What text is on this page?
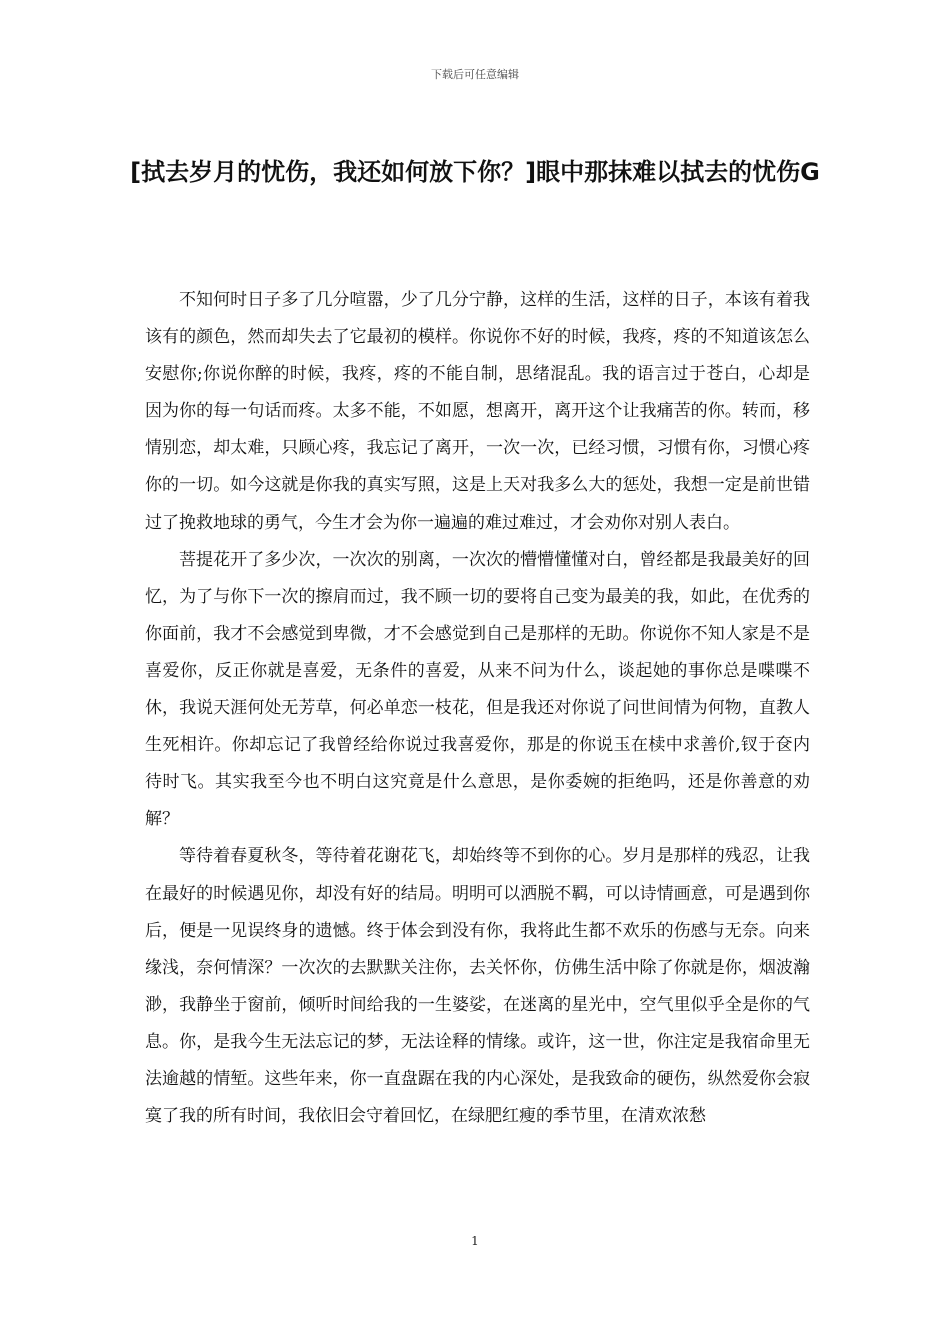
下载后可任意编辑
[拭去岁月的忧伤，我还如何放下你？]眼中那抹难以拭去的忧伤G

不知何时日子多了几分喧嚣，少了几分宁静，这样的生活，这样的日子，本该有着我该有的颜色，然而却失去了它最初的模样。你说你不好的时候，我疼，疼的不知道该怎么安慰你;你说你醉的时候，我疼，疼的不能自制，思绪混乱。我的语言过于苍白，心却是因为你的每一句话而疼。太多不能，不如愿，想离开，离开这个让我痛苦的你。转而，移情别恋，却太难，只顾心疼，我忘记了离开，一次一次，已经习惯，习惯有你，习惯心疼你的一切。如今这就是你我的真实写照，这是上天对我多么大的惩处，我想一定是前世错过了挽救地球的勇气，今生才会为你一遍遍的难过难过，才会劝你对别人表白。

菩提花开了多少次，一次次的别离，一次次的懵懵懂懂对白，曾经都是我最美好的回忆，为了与你下一次的擦肩而过，我不顾一切的要将自己变为最美的我，如此，在优秀的你面前，我才不会感觉到卑微，才不会感觉到自己是那样的无助。你说你不知人家是不是喜爱你，反正你就是喜爱，无条件的喜爱，从来不问为什么，谈起她的事你总是喋喋不休，我说天涯何处无芳草，何必单恋一枝花，但是我还对你说了问世间情为何物，直教人生死相许。你却忘记了我曾经给你说过我喜爱你，那是的你说玉在椟中求善价,钗于奁内待时飞。其实我至今也不明白这究竟是什么意思，是你委婉的拒绝吗，还是你善意的劝解？

等待着春夏秋冬，等待着花谢花飞，却始终等不到你的心。岁月是那样的残忍，让我在最好的时候遇见你，却没有好的结局。明明可以洒脱不羁，可以诗情画意，可是遇到你后，便是一见误终身的遗憾。终于体会到没有你，我将此生都不欢乐的伤感与无奈。向来缘浅，奈何情深？一次次的去默默关注你，去关怀你，仿佛生活中除了你就是你，烟波瀚渺，我静坐于窗前，倾听时间给我的一生婆娑，在迷离的星光中，空气里似乎全是你的气息。你，是我今生无法忘记的梦，无法诠释的情缘。或许，这一世，你注定是我宿命里无法逾越的情堑。这些年来，你一直盘踞在我的内心深处，是我致命的硬伤，纵然爱你会寂寞了我的所有时间，我依旧会守着回忆，在绿肥红瘦的季节里，在清欢浓愁

1
